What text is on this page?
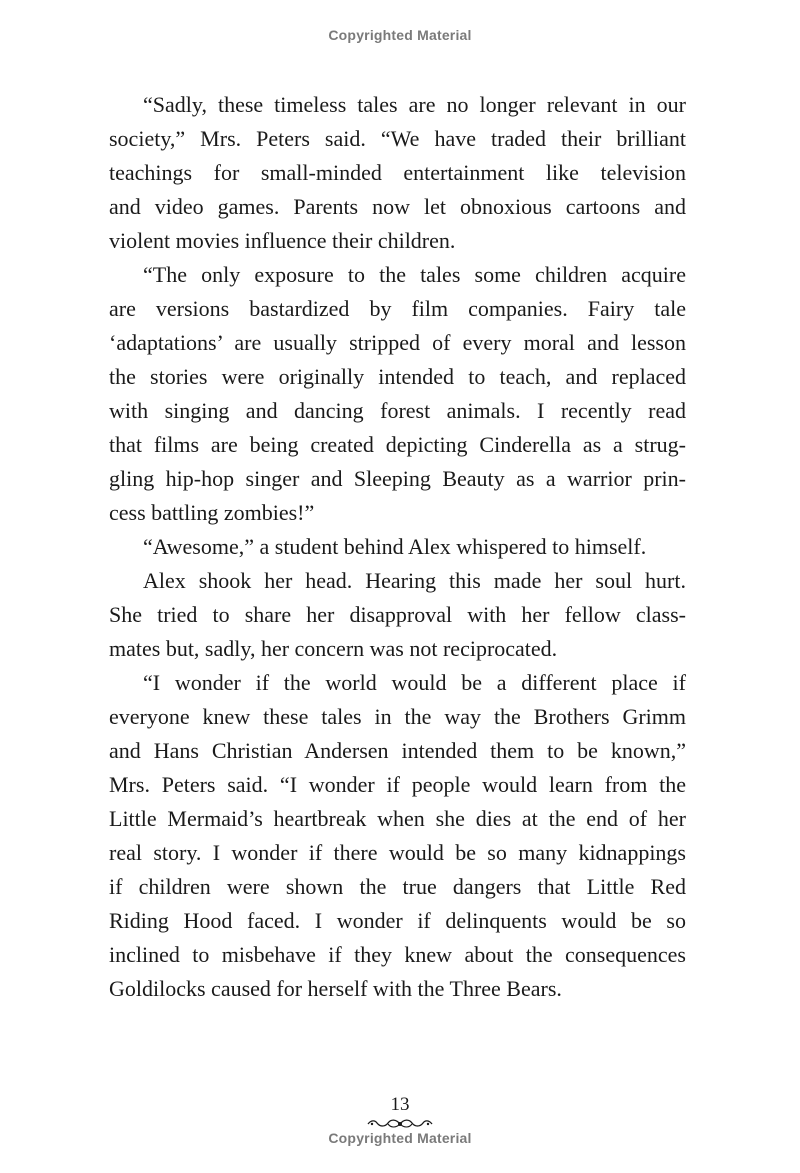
Copyrighted Material
“Sadly, these timeless tales are no longer relevant in our
society,” Mrs. Peters said. “We have traded their brilliant
teachings for small-minded entertainment like television
and video games. Parents now let obnoxious cartoons and
violent movies influence their children.
“The only exposure to the tales some children acquire
are versions bastardized by film companies. Fairy tale
‘adaptations’ are usually stripped of every moral and lesson
the stories were originally intended to teach, and replaced
with singing and dancing forest animals. I recently read
that films are being created depicting Cinderella as a strug-
gling hip-hop singer and Sleeping Beauty as a warrior prin-
cess battling zombies!”
“Awesome,” a student behind Alex whispered to himself.
Alex shook her head. Hearing this made her soul hurt.
She tried to share her disapproval with her fellow class-
mates but, sadly, her concern was not reciprocated.
“I wonder if the world would be a different place if
everyone knew these tales in the way the Brothers Grimm
and Hans Christian Andersen intended them to be known,”
Mrs. Peters said. “I wonder if people would learn from the
Little Mermaid’s heartbreak when she dies at the end of her
real story. I wonder if there would be so many kidnappings
if children were shown the true dangers that Little Red
Riding Hood faced. I wonder if delinquents would be so
inclined to misbehave if they knew about the consequences
Goldilocks caused for herself with the Three Bears.
13
Copyrighted Material
